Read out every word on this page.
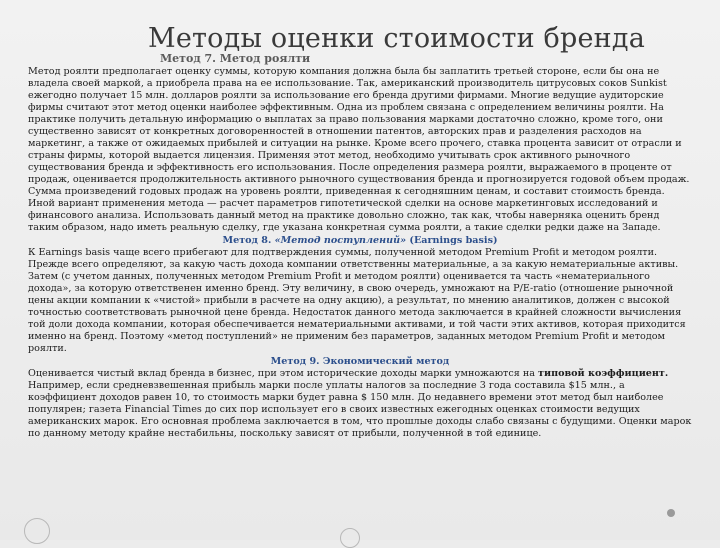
Методы оценки стоимости бренда
Метод 7. Метод роялти

Метод роялти предполагает оценку суммы, которую компания должна была бы заплатить третьей стороне, если бы она не владела своей маркой, а приобрела права на ее использование. Так, американский производитель цитрусовых соков Sunkist ежегодно получает 15 млн. долларов роялти за использование его бренда другими фирмами. Многие ведущие аудиторские фирмы считают этот метод оценки наиболее эффективным. Одна из проблем связана с определением величины роялти. На практике получить детальную информацию о выплатах за право пользования марками достаточно сложно, кроме того, они существенно зависят от конкретных договоренностей в отношении патентов, авторских прав и разделения расходов на маркетинг, а также от ожидаемых прибылей и ситуации на рынке. Кроме всего прочего, ставка процента зависит от отрасли и страны фирмы, которой выдается лицензия. Применяя этот метод, необходимо учитывать срок активного рыночного существования бренда и эффективность его использования. После определения размера роялти, выражаемого в проценте от продаж, оценивается продолжительность активного рыночного существования бренда и прогнозируется годовой объем продаж. Сумма произведений годовых продаж на уровень роялти, приведенная к сегодняшним ценам, и составит стоимость бренда. Иной вариант применения метода — расчет параметров гипотетической сделки на основе маркетинговых исследований и финансового анализа. Использовать данный метод на практике довольно сложно, так как, чтобы наверняка оценить бренд таким образом, надо иметь реальную сделку, где указана конкретная сумма роялти, а такие сделки редки даже на Западе.

Метод 8. «Метод поступлений» (Earnings basis)

К Earnings basis чаще всего прибегают для подтверждения суммы, полученной методом Premium Profit и методом роялти. Прежде всего определяют, за какую часть дохода компании ответственны материальные, а за какую нематериальные активы. Затем (с учетом данных, полученных методом Premium Profit и методом роялти) оценивается та часть «нематериального дохода», за которую ответственен именно бренд. Эту величину, в свою очередь, умножают на P/E-ratio (отношение рыночной цены акции компании к «чистой» прибыли в расчете на одну акцию), а результат, по мнению аналитиков, должен с высокой точностью соответствовать рыночной цене бренда. Недостаток данного метода заключается в крайней сложности вычисления той доли дохода компании, которая обеспечивается нематериальными активами, и той части этих активов, которая приходится именно на бренд. Поэтому «метод поступлений» не применим без параметров, заданных методом Premium Profit и методом роялти.

Метод 9. Экономический метод

Оценивается чистый вклад бренда в бизнес, при этом исторические доходы марки умножаются на типовой коэффициент. Например, если средневзвешенная прибыль марки после уплаты налогов за последние 3 года составила $15 млн., а коэффициент доходов равен 10, то стоимость марки будет равна $ 150 млн. До недавнего времени этот метод был наиболее популярен; газета Financial Times до сих пор использует его в своих известных ежегодных оценках стоимости ведущих американских марок. Его основная проблема заключается в том, что прошлые доходы слабо связаны с будущими. Оценки марок по данному методу крайне нестабильны, поскольку зависят от прибыли, полученной в той единице.
